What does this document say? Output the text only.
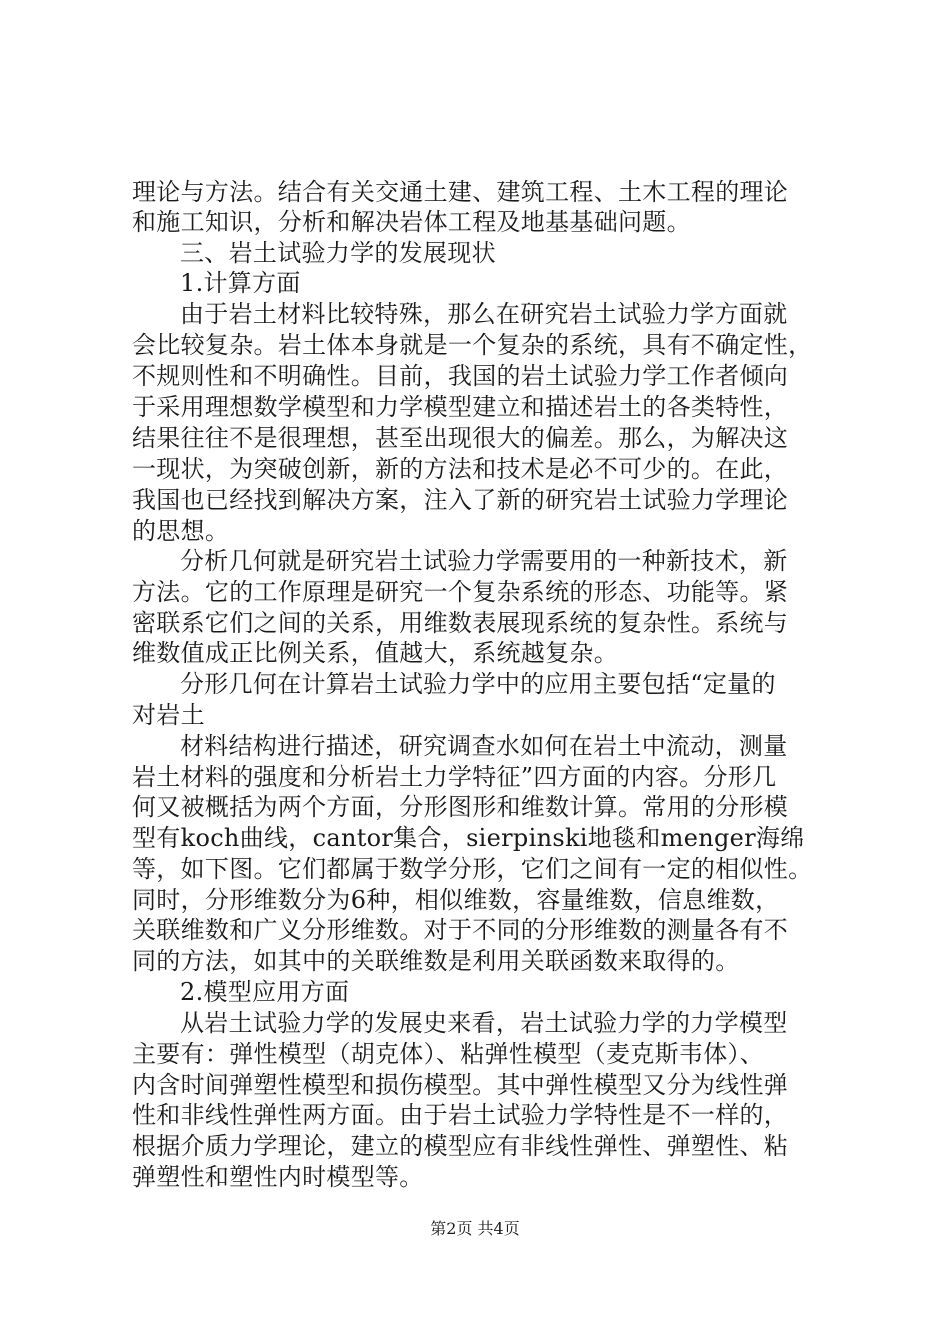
理论与方法。结合有关交通土建、建筑工程、土木工程的理论
和施工知识，分析和解决岩体工程及地基基础问题。
三、岩土试验力学的发展现状
1.计算方面
由于岩土材料比较特殊，那么在研究岩土试验力学方面就
会比较复杂。岩土体本身就是一个复杂的系统，具有不确定性，
不规则性和不明确性。目前，我国的岩土试验力学工作者倾向
于采用理想数学模型和力学模型建立和描述岩土的各类特性，
结果往往不是很理想，甚至出现很大的偏差。那么，为解决这
一现状，为突破创新，新的方法和技术是必不可少的。在此，
我国也已经找到解决方案，注入了新的研究岩土试验力学理论
的思想。
分析几何就是研究岩土试验力学需要用的一种新技术，新
方法。它的工作原理是研究一个复杂系统的形态、功能等。紧
密联系它们之间的关系，用维数表展现系统的复杂性。系统与
维数值成正比例关系，值越大，系统越复杂。
分形几何在计算岩土试验力学中的应用主要包括“定量的
对岩土
材料结构进行描述，研究调查水如何在岩土中流动，测量
岩土材料的强度和分析岩土力学特征”四方面的内容。分形几
何又被概括为两个方面，分形图形和维数计算。常用的分形模
型有koch曲线，cantor集合，sierpinski地毯和menger海绵
等，如下图。它们都属于数学分形，它们之间有一定的相似性。
同时，分形维数分为6种，相似维数，容量维数，信息维数，
关联维数和广义分形维数。对于不同的分形维数的测量各有不
同的方法，如其中的关联维数是利用关联函数来取得的。
2.模型应用方面
从岩土试验力学的发展史来看，岩土试验力学的力学模型
主要有：弹性模型（胡克体）、粘弹性模型（麦克斯韦体）、
内含时间弹塑性模型和损伤模型。其中弹性模型又分为线性弹
性和非线性弹性两方面。由于岩土试验力学特性是不一样的，
根据介质力学理论，建立的模型应有非线性弹性、弹塑性、粘
弹塑性和塑性内时模型等。
第2页 共4页
